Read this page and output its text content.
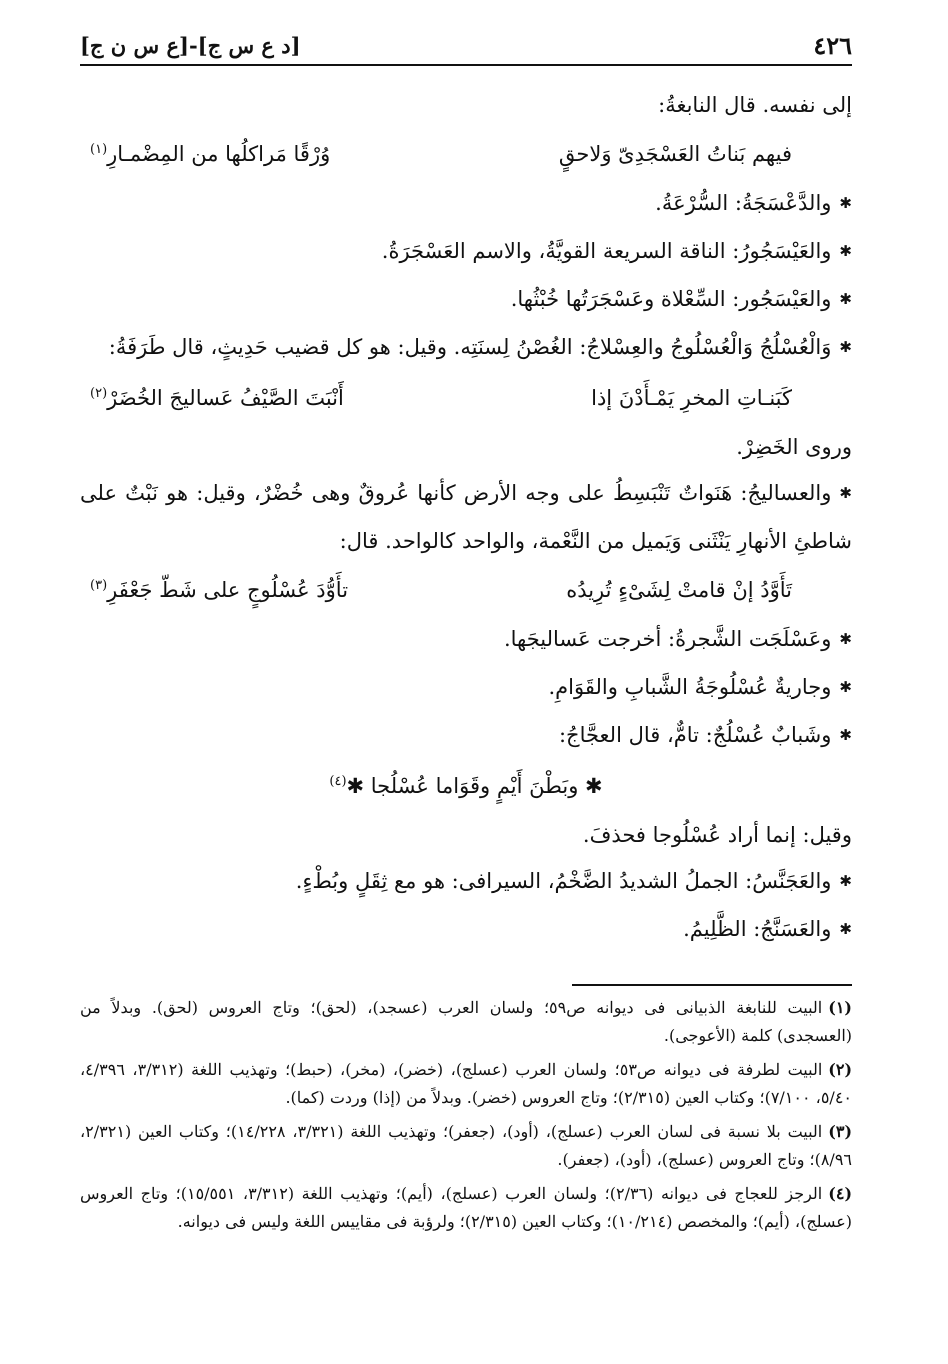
٤٢٦
[د ع س ج]-[ع س ن ج]

إلى نفسه. قال النابغةُ:

فيهم بَناتُ العَسْجَدِىّ وَلاحقٍ
وُرْقًا مَراكلُها من المِضْمـارِ$^{(١)}$

✱ والدَّعْسَجَةُ: السُّرْعَةُ.

✱ والعَيْسَجُورُ: الناقة السريعة القويَّةُ، والاسم العَسْجَرَةُ.

✱ والعَيْسَجُور: السِّعْلاة وعَسْجَرَتُها خُبْثُها.

✱ وَالْعُسْلُجُ وَالْعُسْلُوجُ والعِسْلاجُ: الغُصْنُ لِسنَتِه. وقيل: هو كل قضيب حَدِيثٍ، قال طَرَفَةُ:

كَبَنـاتِ المخرِ يَمْـأَدْنَ إذا
أَنْبَتَ الصَّيْفُ عَساليجَ الخُضَرْ$^{(٢)}$

وروى الخَضِرْ.

✱ والعساليجُ: هَنَواتٌ تَنْبَسِطُ على وجه الأرض كأنها عُروقٌ وهى خُضْرٌ، وقيل: هو نَبْتٌ على شاطئِ الأنهارِ يَنْثَنى وَيَميل من النَّعْمة، والواحد كالواحد. قال:

تَأَوَّدُ إنْ قامتْ لِشَىْءٍ تُرِيدُه
تأَوُّدَ عُسْلُوجٍ على شَطّ جَعْفَرِ$^{(٣)}$

✱ وعَسْلَجَت الشَّجرةُ: أخرجت عَساليجَها.

✱ وجاريةٌ عُسْلُوجَةُ الشَّبابِ والقَوَامِ.

✱ وشَبابٌ عُسْلُجٌ: تامٌّ، قال العجَّاجُ:

✱ وبَطْنَ أَيْمٍ وقَوَاما عُسْلُجا ✱$^{(٤)}$

وقيل: إنما أراد عُسْلُوجا فحذفَ.

✱ والعَجَنَّسُ: الجملُ الشديدُ الضَّخْمُ، السيرافى: هو مع ثِقَلٍ وبُطْءٍ.

✱ والعَسَنَّجُ: الظَّلِيمُ.

(١)البيت للنابغة الذبيانى فى ديوانه ص٥٩؛ ولسان العرب (عسجد)، (لحق)؛ وتاج العروس (لحق). وبدلاً من (العسجدى) كلمة (الأعوجى).

(٢)البيت لطرفة فى ديوانه ص٥٣؛ ولسان العرب (عسلج)، (خضر)، (مخر)، (حبط)؛ وتهذيب اللغة (٣/٣١٢، ٤/٣٩٦، ٥/٤٠، ٧/١٠٠)؛ وكتاب العين (٢/٣١٥)؛ وتاج العروس (خضر). وبدلاً من (إذا) وردت (كما).

(٣)البيت بلا نسبة فى لسان العرب (عسلج)، (أود)، (جعفر)؛ وتهذيب اللغة (٣/٣٢١، ١٤/٢٢٨)؛ وكتاب العين (٢/٣٢١، ٨/٩٦)؛ وتاج العروس (عسلج)، (أود)، (جعفر).

(٤)الرجز للعجاج فى ديوانه (٢/٣٦)؛ ولسان العرب (عسلج)، (أيم)؛ وتهذيب اللغة (٣/٣١٢، ١٥/٥٥١)؛ وتاج العروس (عسلج)، (أيم)؛ والمخصص (١٠/٢١٤)؛ وكتاب العين (٢/٣١٥)؛ ولرؤبة فى مقاييس اللغة وليس فى ديوانه.
